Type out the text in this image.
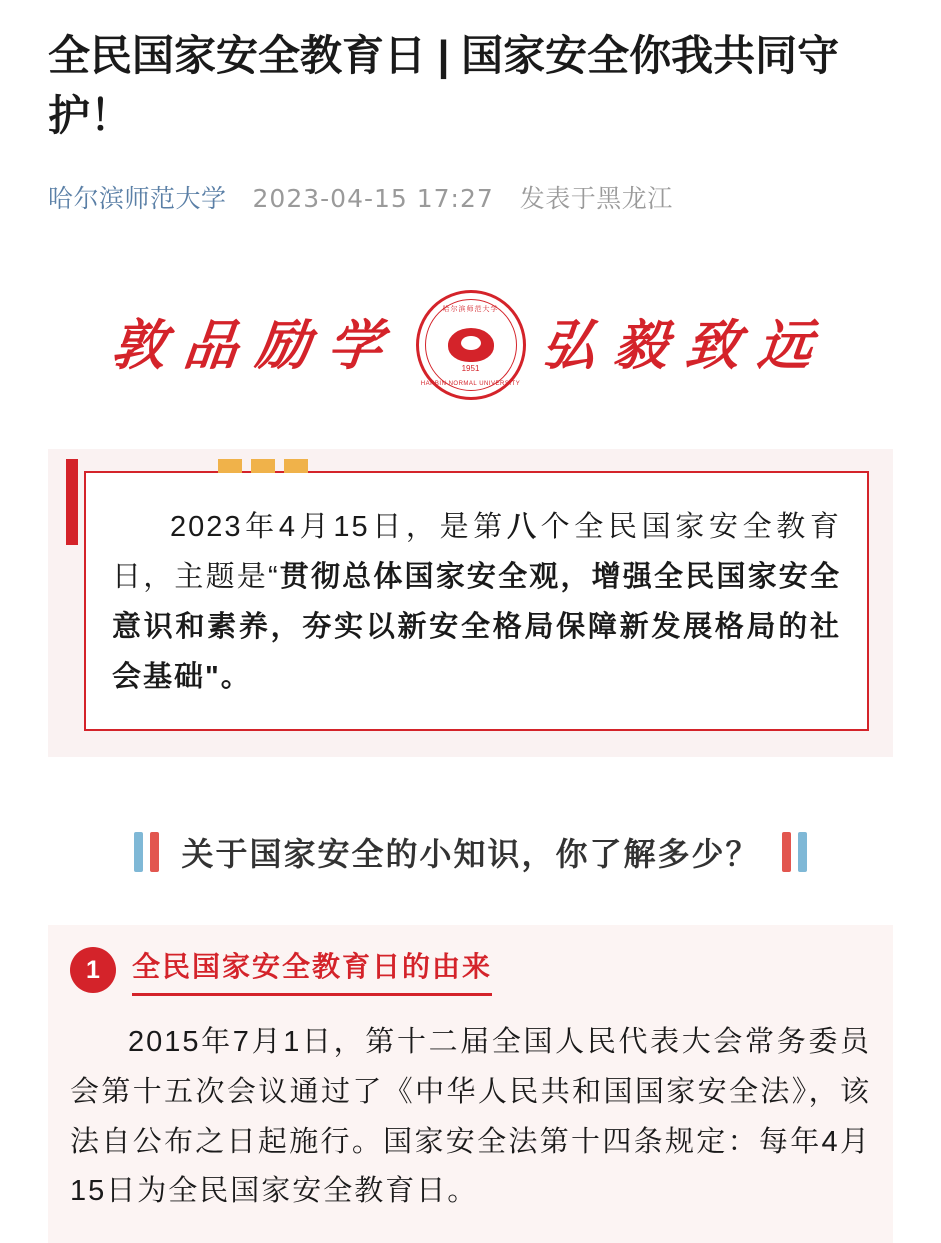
全民国家安全教育日 | 国家安全你我共同守护！
哈尔滨师范大学 2023-04-15 17:27 发表于黑龙江
敦品励学
哈尔滨师范大学
1951
HARBIN NORMAL UNIVERSITY
弘毅致远

2023年4月15日，是第八个全民国家安全教育日，主题是“贯彻总体国家安全观，增强全民国家安全意识和素养，夯实以新安全格局保障新发展格局的社会基础"。

关于国家安全的小知识，你了解多少？
1	全民国家安全教育日的由来
2015年7月1日，第十二届全国人民代表大会常务委员会第十五次会议通过了《中华人民共和国国家安全法》，该法自公布之日起施行。国家安全法第十四条规定：每年4月15日为全民国家安全教育日。
